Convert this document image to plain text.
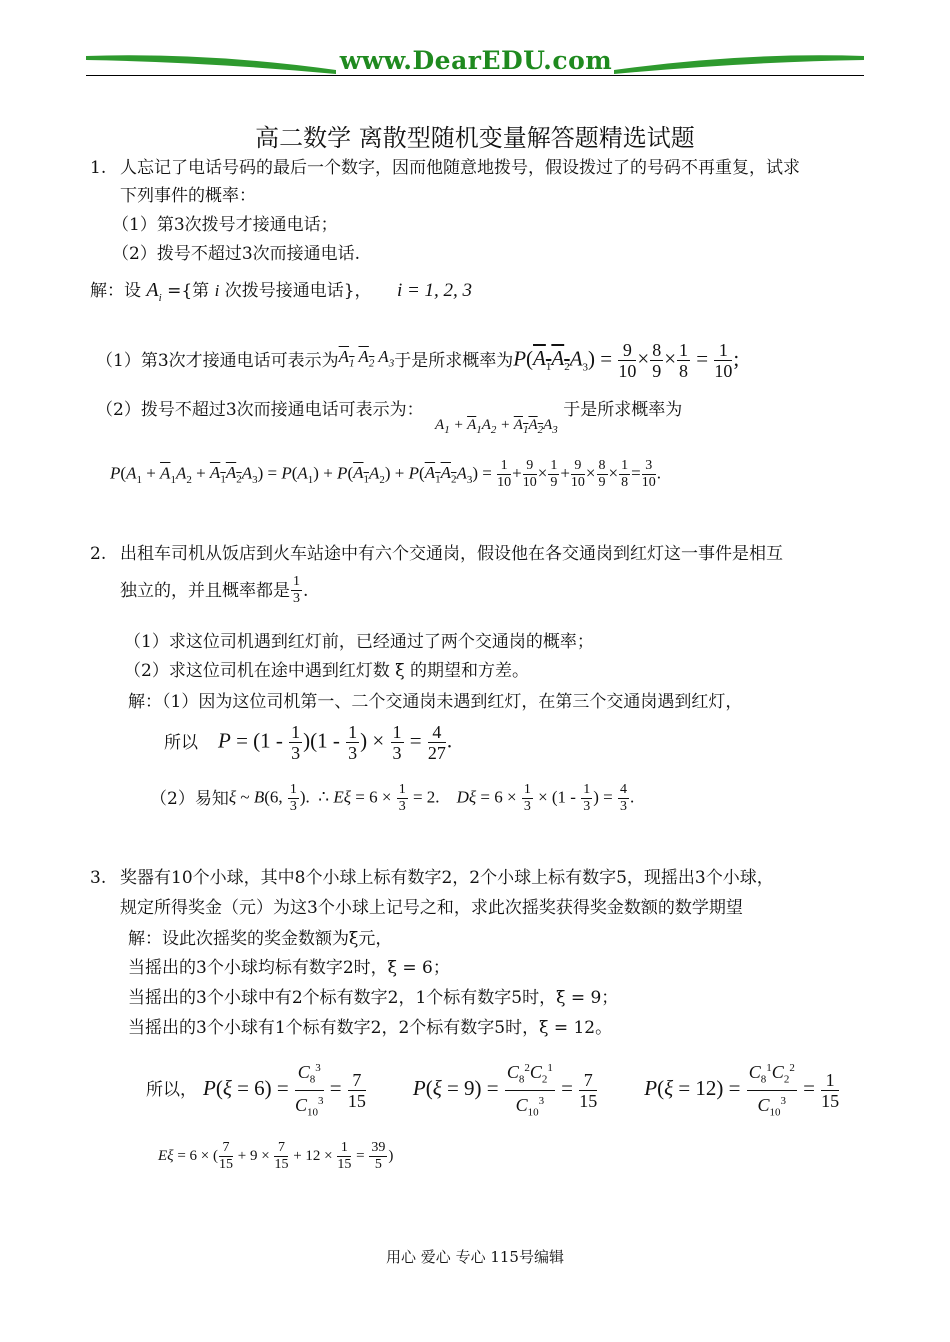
www.DearEDU.com
高二数学 离散型随机变量解答题精选试题
1. 人忘记了电话号码的最后一个数字，因而他随意地拨号，假设拨过了的号码不再重复，试求
下列事件的概率：
（1）第3次拨号才接通电话；
（2）拨号不超过3次而接通电话.
解：设 $A_i$ ={第 i 次拨号接通电话}， i = 1, 2, 3
（1）第3次才接通电话可表示为 $A_1$ $A_2$ $A_3$ 于是所求概率为 $P(A_1A_2A_3) = \frac{9}{10} \times \frac{8}{9} \times \frac{1}{8} = \frac{1}{10}$ ;
（2）拨号不超过3次而接通电话可表示为： $A_1 + \overline{A}_1A_2 + A_1A_2A_3$ 于是所求概率为
$P(A_1 + \overline{A}_1A_2 + A_1A_2A_3) = P(A_1) + P(A_1A_2) + P(A_1A_2A_3) = \frac{1}{10} + \frac{9}{10} \times \frac{1}{9} + \frac{9}{10} \times \frac{8}{9} \times \frac{1}{8} = \frac{3}{10}$ .
2. 出租车司机从饭店到火车站途中有六个交通岗，假设他在各交通岗到红灯这一事件是相互
独立的，并且概率都是 $\frac{1}{3}$ .
（1）求这位司机遇到红灯前，已经通过了两个交通岗的概率；
（2）求这位司机在途中遇到红灯数 ξ 的期望和方差。
解：（1）因为这位司机第一、二个交通岗未遇到红灯，在第三个交通岗遇到红灯，
所以 $P = (1 - \frac{1}{3} )(1 - \frac{1}{3}$ ) × $\frac{1}{3} = \frac{4}{27}$ .
（2）易知 ξ ~ B(6, $\frac{1}{3}$ ).  ∴ $E\xi = 6 \times \frac{1}{3} = 2$.    $D\xi = 6 \times \frac{1}{3} \times (1 - \frac{1}{3}$ ) = $\frac{4}{3}$ .
3. 奖器有10个小球，其中8个小球上标有数字2，2个小球上标有数字5，现摇出3个小球，
规定所得奖金（元）为这3个小球上记号之和，求此次摇奖获得奖金数额的数学期望
解：设此次摇奖的奖金数额为ξ元，
当摇出的3个小球均标有数字2时，ξ = 6；
当摇出的3个小球中有2个标有数字2，1个标有数字5时，ξ = 9；
当摇出的3个小球有1个标有数字2，2个标有数字5时，ξ = 12。
所以， $P(\xi = 6) = \frac{C_8^3}{C_{10}^3} = \frac{7}{15} P(\xi = 9) = \frac{C_8^2C_2^1}{C_{10}^3} = \frac{7}{15} P(\xi = 12) = \frac{C_8^1C_2^2}{C_{10}^3} = \frac{1}{15}$
Eξ = 6 × ( $\frac{7}{15} + 9 \times \frac{7}{15} + 12 \times \frac{1}{15} = \frac{39}{5}$ )
用心 爱心 专心 115号编辑
